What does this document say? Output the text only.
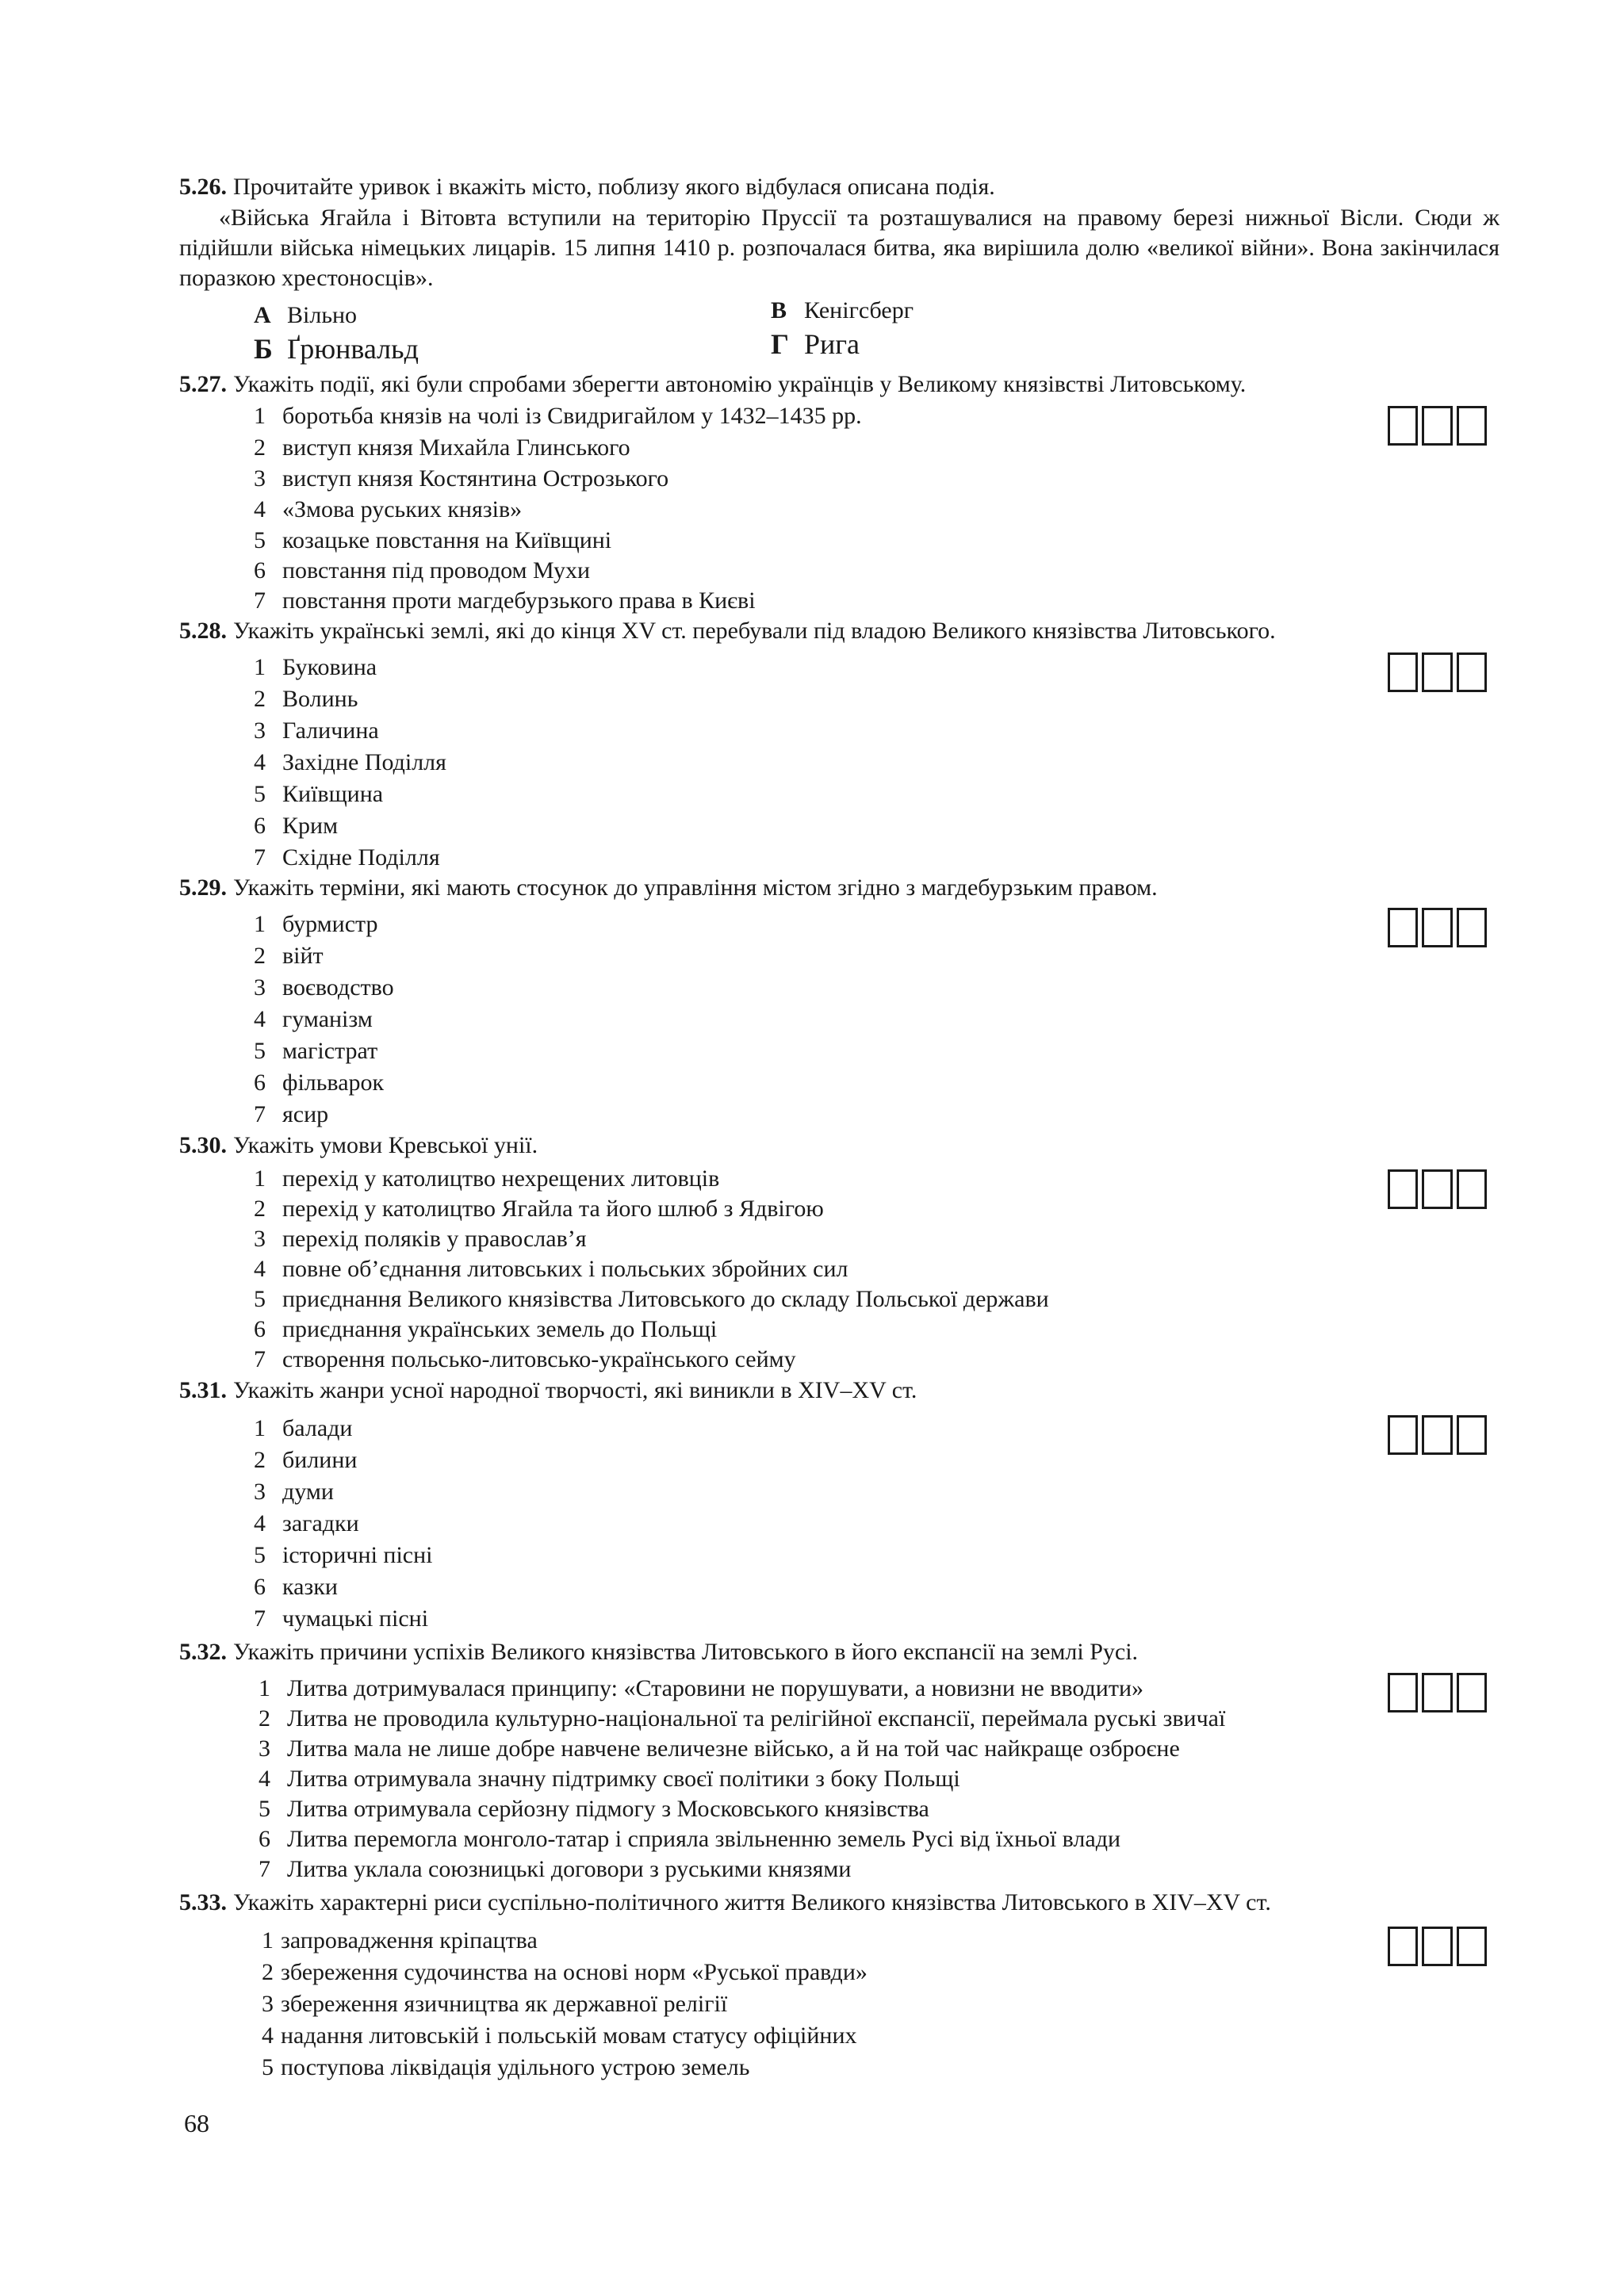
5.26. Прочитайте уривок і вкажіть місто, поблизу якого відбулася описана подія.
«Війська Ягайла і Вітовта вступили на територію Пруссії та розташувалися на правому березі нижньої Вісли. Сюди ж підійшли війська німецьких лицарів. 15 липня 1410 р. розпочалася битва, яка вирішила долю «великої війни». Вона закінчилася поразкою хрестоносців».
А Вільно	В Кенігсберг
Б Ґрюнвальд	Г Рига
5.27. Укажіть події, які були спробами зберегти автономію українців у Великому князівстві Литовському.
1 боротьба князів на чолі із Свидригайлом у 1432–1435 рр.
2 виступ князя Михайла Глинського
3 виступ князя Костянтина Острозького
4 «Змова руських князів»
5 козацьке повстання на Київщині
6 повстання під проводом Мухи
7 повстання проти магдебурзького права в Києві
5.28. Укажіть українські землі, які до кінця XV ст. перебували під владою Великого князівства Литовського.
1 Буковина
2 Волинь
3 Галичина
4 Західне Поділля
5 Київщина
6 Крим
7 Східне Поділля
5.29. Укажіть терміни, які мають стосунок до управління містом згідно з магдебурзьким правом.
1 бурмистр
2 війт
3 воєводство
4 гуманізм
5 магістрат
6 фільварок
7 ясир
5.30. Укажіть умови Кревської унії.
1 перехід у католицтво нехрещених литовців
2 перехід у католицтво Ягайла та його шлюб з Ядвігою
3 перехід поляків у православ’я
4 повне об’єднання литовських і польських збройних сил
5 приєднання Великого князівства Литовського до складу Польської держави
6 приєднання українських земель до Польщі
7 створення польсько-литовсько-українського сейму
5.31. Укажіть жанри усної народної творчості, які виникли в XIV–XV ст.
1 балади
2 билини
3 думи
4 загадки
5 історичні пісні
6 казки
7 чумацькі пісні
5.32. Укажіть причини успіхів Великого князівства Литовського в його експансії на землі Русі.
1 Литва дотримувалася принципу: «Старовини не порушувати, а новизни не вводити»
2 Литва не проводила культурно-національної та релігійної експансії, переймала руські звичаї
3 Литва мала не лише добре навчене величезне військо, а й на той час найкраще озброєне
4 Литва отримувала значну підтримку своєї політики з боку Польщі
5 Литва отримувала серйозну підмогу з Московського князівства
6 Литва перемогла монголо-татар і сприяла звільненню земель Русі від їхньої влади
7 Литва уклала союзницькі договори з руськими князями
5.33. Укажіть характерні риси суспільно-політичного життя Великого князівства Литовського в XIV–XV ст.
1 запровадження кріпацтва
2 збереження судочинства на основі норм «Руської правди»
3 збереження язичництва як державної релігії
4 надання литовській і польській мовам статусу офіційних
5 поступова ліквідація удільного устрою земель
68
